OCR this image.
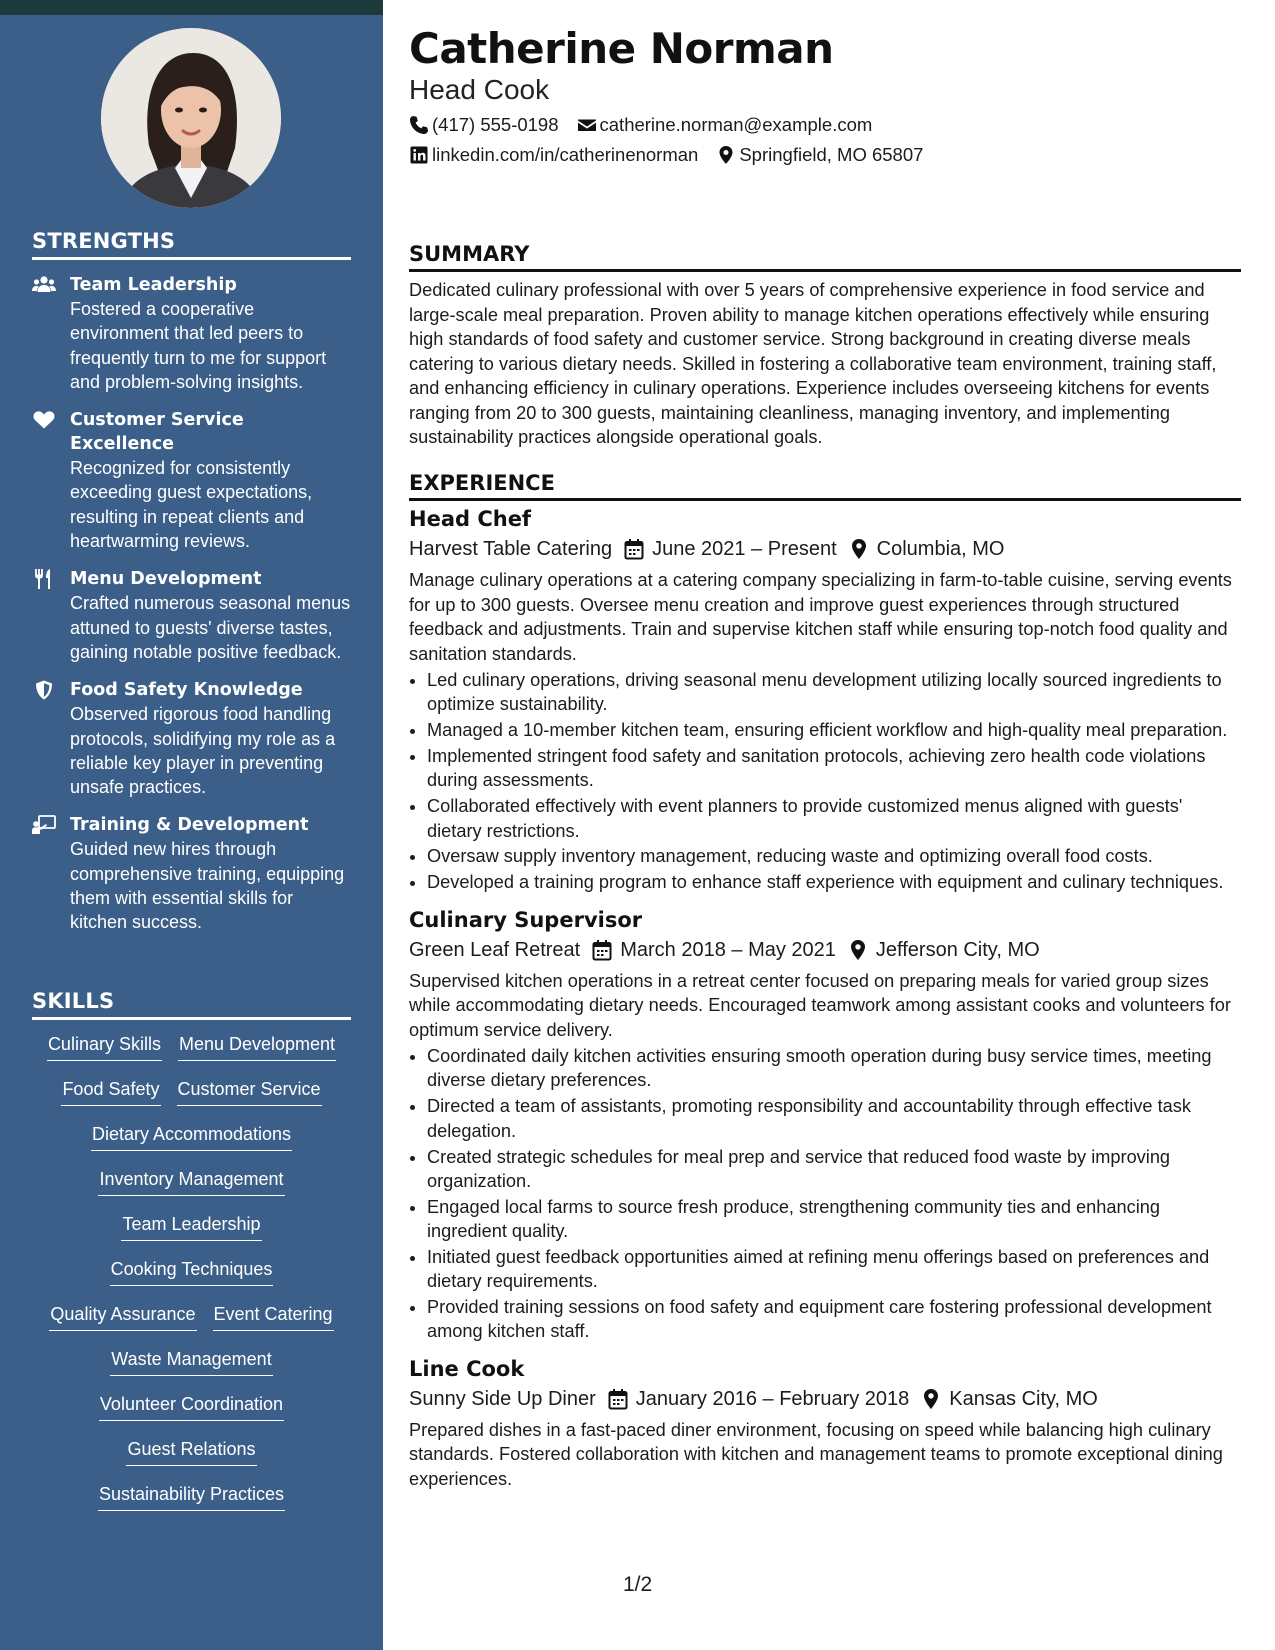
STRENGTHS
Team Leadership
Fostered a cooperative environment that led peers to frequently turn to me for support and problem-solving insights.
Customer Service Excellence
Recognized for consistently exceeding guest expectations, resulting in repeat clients and heartwarming reviews.
Menu Development
Crafted numerous seasonal menus attuned to guests' diverse tastes, gaining notable positive feedback.
Food Safety Knowledge
Observed rigorous food handling protocols, solidifying my role as a reliable key player in preventing unsafe practices.
Training & Development
Guided new hires through comprehensive training, equipping them with essential skills for kitchen success.
SKILLS
Culinary Skills Menu Development
Food Safety Customer Service
Dietary Accommodations
Inventory Management
Team Leadership
Cooking Techniques
Quality Assurance Event Catering
Waste Management
Volunteer Coordination
Guest Relations
Sustainability Practices
Catherine Norman
Head Cook
(417) 555-0198 catherine.norman@example.com
linkedin.com/in/catherinenorman Springfield, MO 65807
SUMMARY
Dedicated culinary professional with over 5 years of comprehensive experience in food service and large-scale meal preparation. Proven ability to manage kitchen operations effectively while ensuring high standards of food safety and customer service. Strong background in creating diverse meals catering to various dietary needs. Skilled in fostering a collaborative team environment, training staff, and enhancing efficiency in culinary operations. Experience includes overseeing kitchens for events ranging from 20 to 300 guests, maintaining cleanliness, managing inventory, and implementing sustainability practices alongside operational goals.
EXPERIENCE
Head Chef
Harvest Table Catering June 2021 – Present Columbia, MO
Manage culinary operations at a catering company specializing in farm-to-table cuisine, serving events for up to 300 guests. Oversee menu creation and improve guest experiences through structured feedback and adjustments. Train and supervise kitchen staff while ensuring top-notch food quality and sanitation standards.
• Led culinary operations, driving seasonal menu development utilizing locally sourced ingredients to optimize sustainability.
• Managed a 10-member kitchen team, ensuring efficient workflow and high-quality meal preparation.
• Implemented stringent food safety and sanitation protocols, achieving zero health code violations during assessments.
• Collaborated effectively with event planners to provide customized menus aligned with guests' dietary restrictions.
• Oversaw supply inventory management, reducing waste and optimizing overall food costs.
• Developed a training program to enhance staff experience with equipment and culinary techniques.
Culinary Supervisor
Green Leaf Retreat March 2018 – May 2021 Jefferson City, MO
Supervised kitchen operations in a retreat center focused on preparing meals for varied group sizes while accommodating dietary needs. Encouraged teamwork among assistant cooks and volunteers for optimum service delivery.
• Coordinated daily kitchen activities ensuring smooth operation during busy service times, meeting diverse dietary preferences.
• Directed a team of assistants, promoting responsibility and accountability through effective task delegation.
• Created strategic schedules for meal prep and service that reduced food waste by improving organization.
• Engaged local farms to source fresh produce, strengthening community ties and enhancing ingredient quality.
• Initiated guest feedback opportunities aimed at refining menu offerings based on preferences and dietary requirements.
• Provided training sessions on food safety and equipment care fostering professional development among kitchen staff.
Line Cook
Sunny Side Up Diner January 2016 – February 2018 Kansas City, MO
Prepared dishes in a fast-paced diner environment, focusing on speed while balancing high culinary standards. Fostered collaboration with kitchen and management teams to promote exceptional dining experiences.
1/2
